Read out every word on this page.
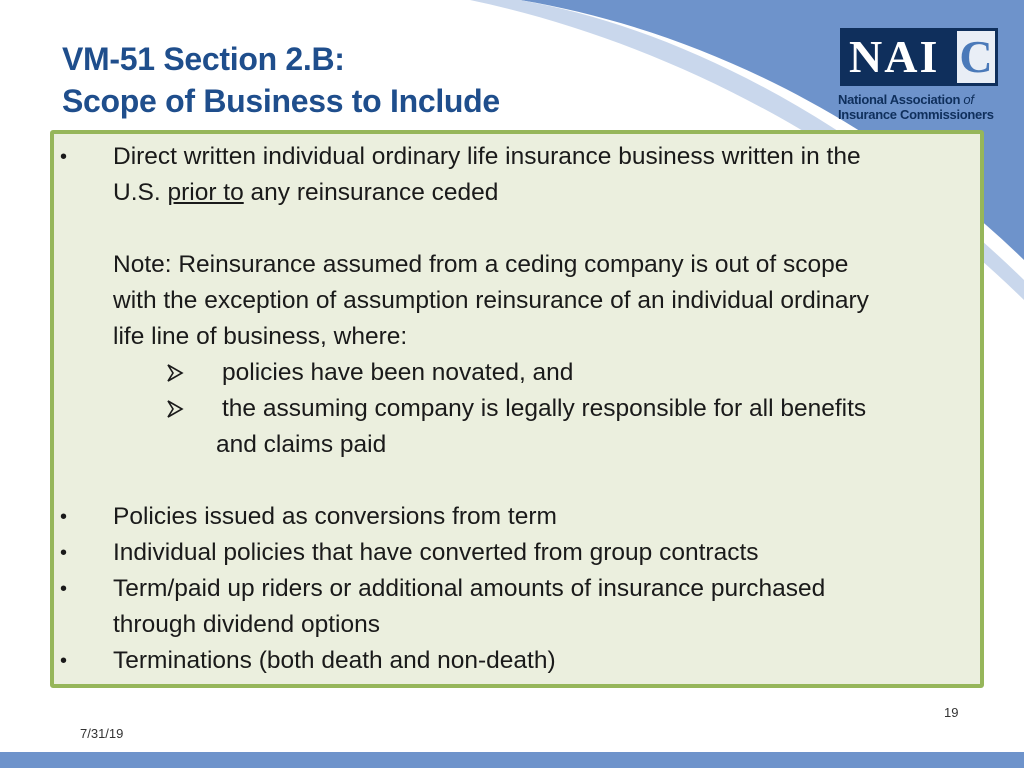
VM-51 Section 2.B:
Scope of Business to Include
NAI C
National Association of
Insurance Commissioners
• Direct written individual ordinary life insurance business written in the
U.S. prior to any reinsurance ceded
Note: Reinsurance assumed from a ceding company is out of scope
with the exception of assumption reinsurance of an individual ordinary
life line of business, where:
policies have been novated, and
the assuming company is legally responsible for all benefits
and claims paid
• Policies issued as conversions from term
• Individual policies that have converted from group contracts
• Term/paid up riders or additional amounts of insurance purchased
through dividend options
• Terminations (both death and non-death)
19
7/31/19
